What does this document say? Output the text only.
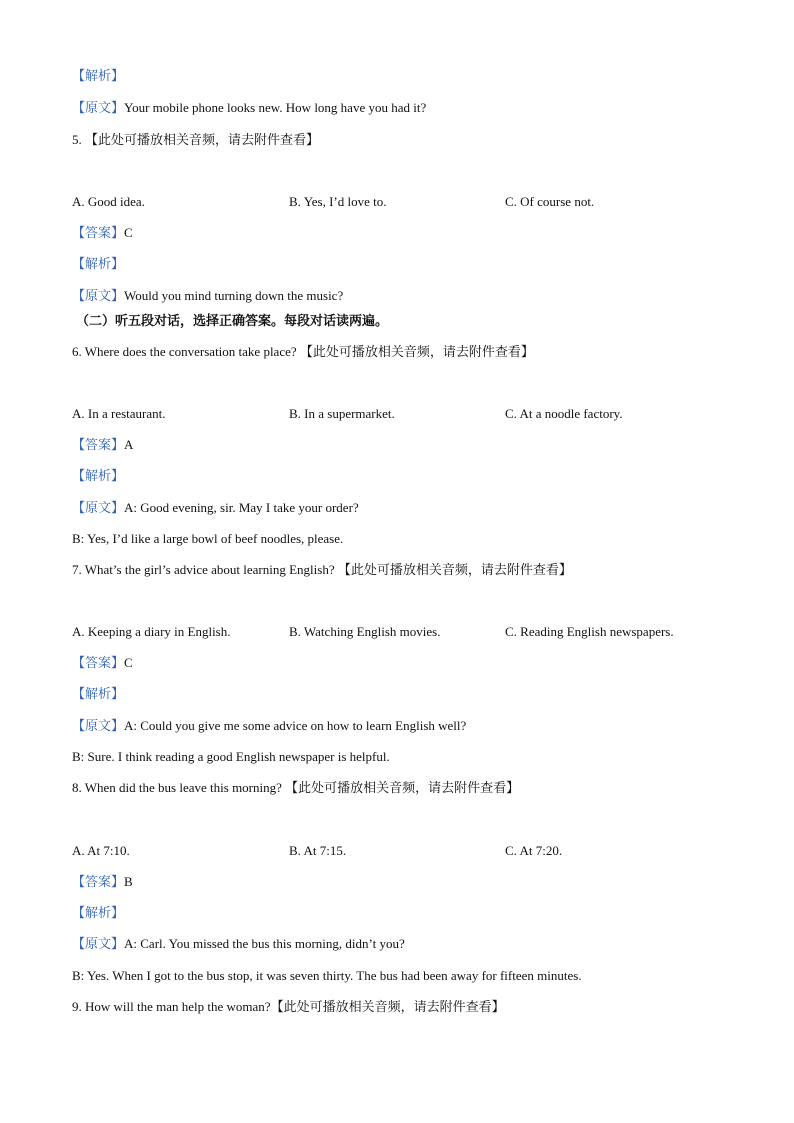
【解析】
【原文】Your mobile phone looks new. How long have you had it?
5. 【此处可播放相关音频，请去附件查看】
A. Good idea.	B. Yes, I’d love to.	C. Of course not.
【答案】C
【解析】
【原文】Would you mind turning down the music?
（二）听五段对话，选择正确答案。每段对话读两遍。
6. Where does the conversation take place? 【此处可播放相关音频，请去附件查看】
A. In a restaurant.	B. In a supermarket.	C. At a noodle factory.
【答案】A
【解析】
【原文】A: Good evening, sir. May I take your order?
B: Yes, I’d like a large bowl of beef noodles, please.
7. What’s the girl’s advice about learning English? 【此处可播放相关音频，请去附件查看】
A. Keeping a diary in English.	B. Watching English movies.	C. Reading English newspapers.
【答案】C
【解析】
【原文】A: Could you give me some advice on how to learn English well?
B: Sure. I think reading a good English newspaper is helpful.
8. When did the bus leave this morning? 【此处可播放相关音频，请去附件查看】
A. At 7:10.	B. At 7:15.	C. At 7:20.
【答案】B
【解析】
【原文】A: Carl. You missed the bus this morning, didn’t you?
B: Yes. When I got to the bus stop, it was seven thirty. The bus had been away for fifteen minutes.
9. How will the man help the woman?【此处可播放相关音频，请去附件查看】
